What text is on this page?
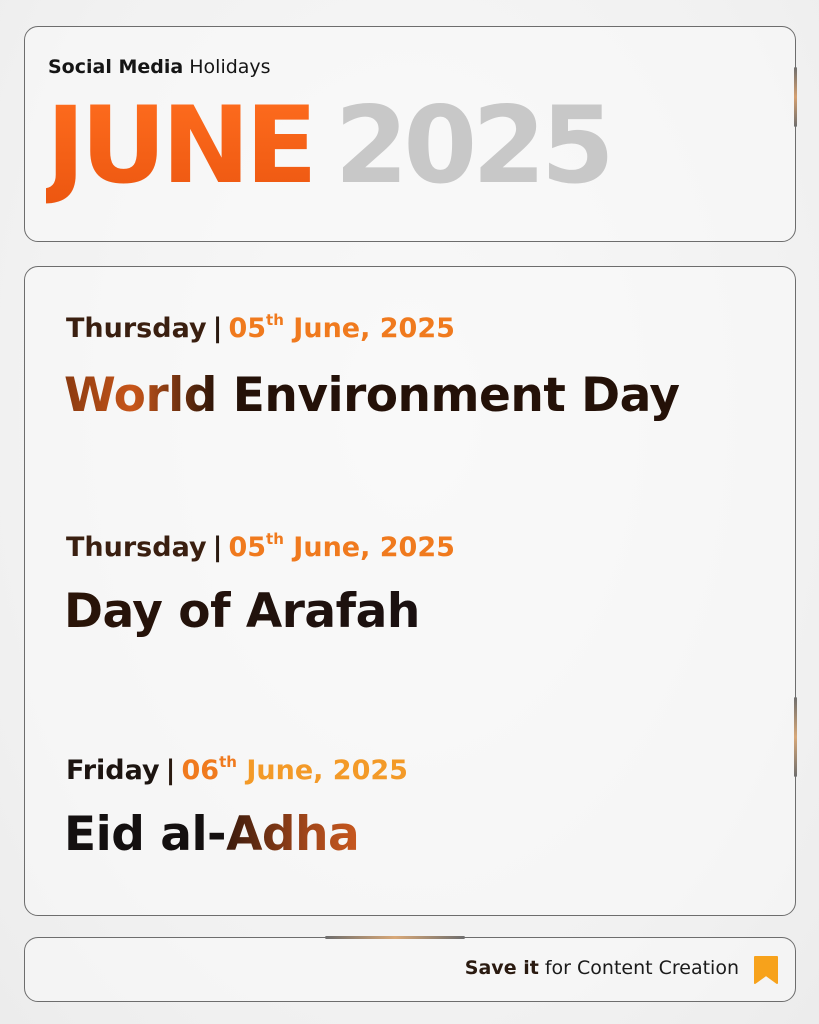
Social Media Holidays
JUNE 2025
Thursday | 05th June, 2025
World Environment Day
Thursday | 05th June, 2025
Day of Arafah
Friday | 06th June, 2025
Eid al-Adha
Save it for Content Creation
